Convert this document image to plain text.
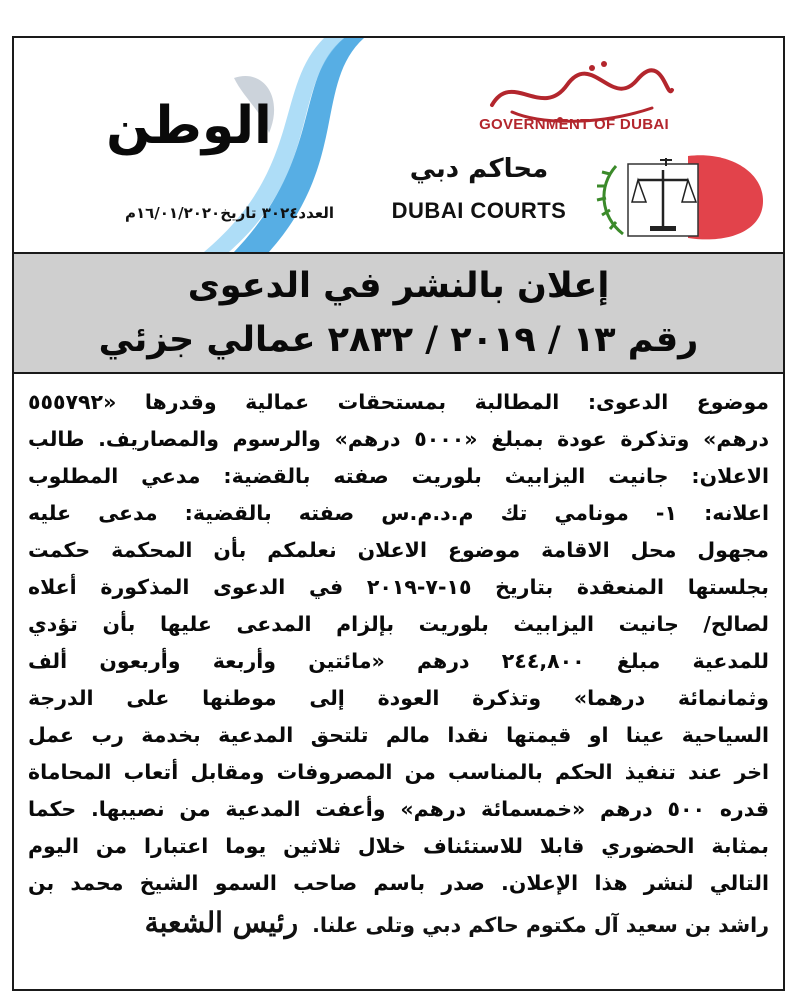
الوطن
العدد٣٠٢٤ تاريخ١٦/٠١/٢٠٢٠م
GOVERNMENT OF DUBAI
محاكم دبي
DUBAI COURTS
إعلان بالنشر في الدعوى
رقم ١٣ / ٢٠١٩ / ٢٨٣٢ عمالي جزئي
موضوع الدعوى: المطالبة بمستحقات عمالية وقدرها «٥٥٥٧٩٢
درهم» وتذكرة عودة بمبلغ «٥٠٠٠ درهم» والرسوم والمصاريف. طالب
الاعلان: جانيت اليزابيث بلوريت صفته بالقضية: مدعي المطلوب
اعلانه: ١- مونامي تك م.د.م.س صفته بالقضية: مدعى عليه
مجهول محل الاقامة موضوع الاعلان نعلمكم بأن المحكمة حكمت
بجلستها المنعقدة بتاريخ ١٥-٧-٢٠١٩ في الدعوى المذكورة أعلاه
لصالح/ جانيت اليزابيث بلوريت بإلزام المدعى عليها بأن تؤدي
للمدعية مبلغ ٢٤٤,٨٠٠ درهم «مائتين وأربعة وأربعون ألف
وثمانمائة درهما» وتذكرة العودة إلى موطنها على الدرجة
السياحية عينا او قيمتها نقدا مالم تلتحق المدعية بخدمة رب عمل
اخر عند تنفيذ الحكم بالمناسب من المصروفات ومقابل أتعاب المحاماة
قدره ٥٠٠ درهم «خمسمائة درهم» وأعفت المدعية من نصيبها. حكما
بمثابة الحضوري قابلا للاستئناف خلال ثلاثين يوما اعتبارا من اليوم
التالي لنشر هذا الإعلان. صدر باسم صاحب السمو الشيخ محمد بن
راشد بن سعيد آل مكتوم حاكم دبي وتلى علنا.
رئيس الشعبة
